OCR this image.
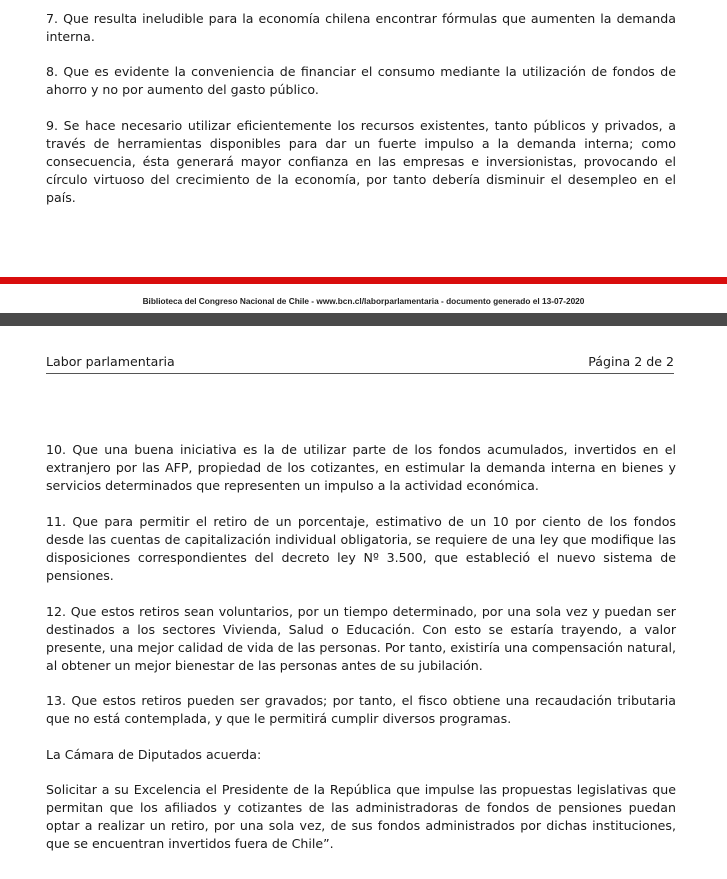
7. Que resulta ineludible para la economía chilena encontrar fórmulas que aumenten la demanda interna.

8. Que es evidente la conveniencia de financiar el consumo mediante la utilización de fondos de ahorro y no por aumento del gasto público.

9. Se hace necesario utilizar eficientemente los recursos existentes, tanto públicos y privados, a través de herramientas disponibles para dar un fuerte impulso a la demanda interna; como consecuencia, ésta generará mayor confianza en las empresas e inversionistas, provocando el círculo virtuoso del crecimiento de la economía, por tanto debería disminuir el desempleo en el país.

Biblioteca del Congreso Nacional de Chile - www.bcn.cl/laborparlamentaria - documento generado el 13-07-2020
Labor parlamentaria	Página 2 de 2

10. Que una buena iniciativa es la de utilizar parte de los fondos acumulados, invertidos en el extranjero por las AFP, propiedad de los cotizantes, en estimular la demanda interna en bienes y servicios determinados que representen un impulso a la actividad económica.

11. Que para permitir el retiro de un porcentaje, estimativo de un 10 por ciento de los fondos desde las cuentas de capitalización individual obligatoria, se requiere de una ley que modifique las disposiciones correspondientes del decreto ley Nº 3.500, que estableció el nuevo sistema de pensiones.

12. Que estos retiros sean voluntarios, por un tiempo determinado, por una sola vez y puedan ser destinados a los sectores Vivienda, Salud o Educación. Con esto se estaría trayendo, a valor presente, una mejor calidad de vida de las personas. Por tanto, existiría una compensación natural, al obtener un mejor bienestar de las personas antes de su jubilación.

13. Que estos retiros pueden ser gravados; por tanto, el fisco obtiene una recaudación tributaria que no está contemplada, y que le permitirá cumplir diversos programas.

La Cámara de Diputados acuerda:

Solicitar a su Excelencia el Presidente de la República que impulse las propuestas legislativas que permitan que los afiliados y cotizantes de las administradoras de fondos de pensiones puedan optar a realizar un retiro, por una sola vez, de sus fondos administrados por dichas instituciones, que se encuentran invertidos fuera de Chile”.
